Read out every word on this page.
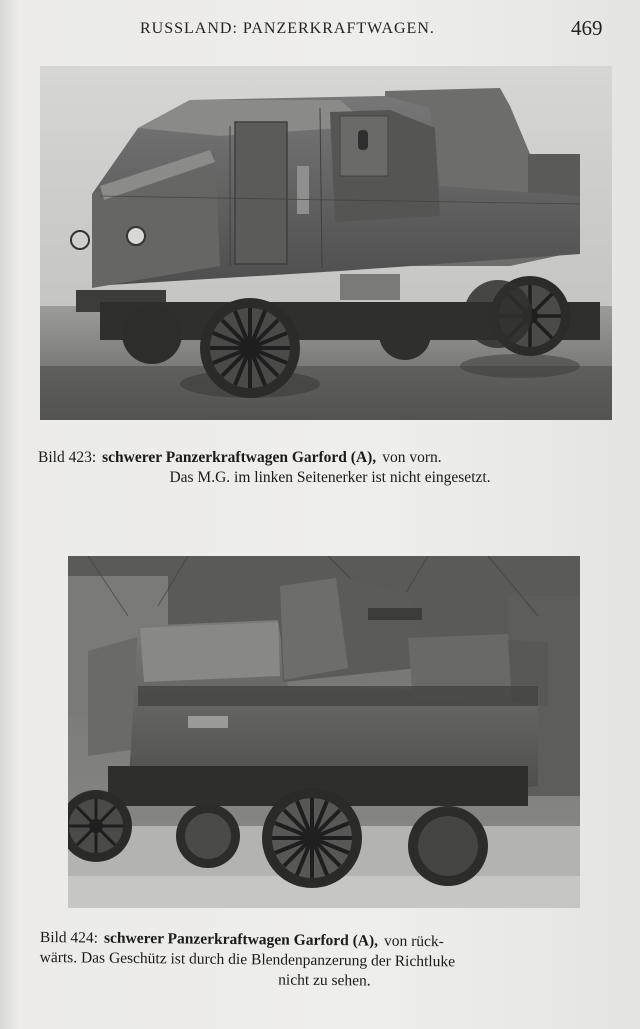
RUSSLAND: PANZERKRAFTWAGEN.	469
Bild 423: schwerer Panzerkraftwagen Garford (A), von vorn.
Das M.G. im linken Seitenerker ist nicht eingesetzt.
Bild 424: schwerer Panzerkraftwagen Garford (A), von rück-
wärts. Das Geschütz ist durch die Blendenpanzerung der Richtluke
nicht zu sehen.
